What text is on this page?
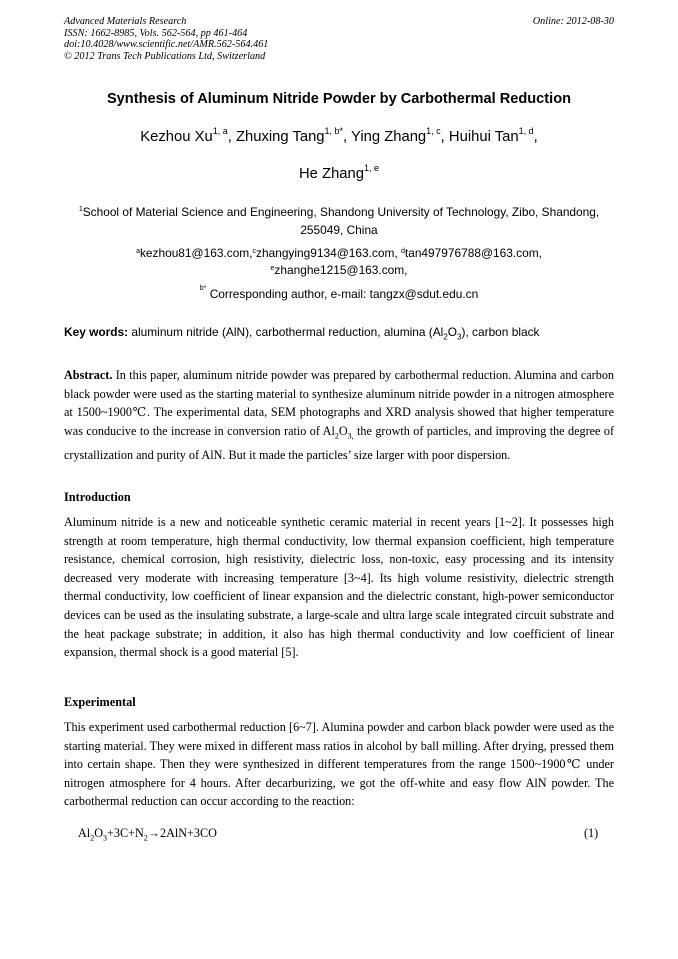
Advanced Materials Research
ISSN: 1662-8985, Vols. 562-564, pp 461-464
doi:10.4028/www.scientific.net/AMR.562-564.461
© 2012 Trans Tech Publications Ltd, Switzerland
Online: 2012-08-30
Synthesis of Aluminum Nitride Powder by Carbothermal Reduction
Kezhou Xu$^{1, a}$, Zhuxing Tang$^{1, b*}$, Ying Zhang$^{1, c}$, Huihui Tan$^{1, d}$,
He Zhang$^{1, e}$
$^1$School of Material Science and Engineering, Shandong University of Technology, Zibo, Shandong,
255049, China
$^a$kezhou81@163.com,$^c$zhangying9134@163.com, $^d$tan497976788@163.com,
$^e$zhanghe1215@163.com,
$^{b*}$ Corresponding author, e-mail: tangzx@sdut.edu.cn
Key words: aluminum nitride (AlN), carbothermal reduction, alumina $(Al_2O_3)$, carbon black
Abstract. In this paper, aluminum nitride powder was prepared by carbothermal reduction. Alumina and carbon black powder were used as the starting material to synthesize aluminum nitride powder in a nitrogen atmosphere at 1500~1900℃. The experimental data, SEM photographs and XRD analysis showed that higher temperature was conducive to the increase in conversion ratio of $Al_2O_{3,}$ the growth of particles, and improving the degree of crystallization and purity of AlN. But it made the particles’ size larger with poor dispersion.
Introduction
Aluminum nitride is a new and noticeable synthetic ceramic material in recent years [1~2]. It possesses high strength at room temperature, high thermal conductivity, low thermal expansion coefficient, high temperature resistance, chemical corrosion, high resistivity, dielectric loss, non-toxic, easy processing and its intensity decreased very moderate with increasing temperature [3~4]. Its high volume resistivity, dielectric strength thermal conductivity, low coefficient of linear expansion and the dielectric constant, high-power semiconductor devices can be used as the insulating substrate, a large-scale and ultra large scale integrated circuit substrate and the heat package substrate; in addition, it also has high thermal conductivity and low coefficient of linear expansion, thermal shock is a good material [5].
Experimental
This experiment used carbothermal reduction [6~7]. Alumina powder and carbon black powder were used as the starting material. They were mixed in different mass ratios in alcohol by ball milling. After drying, pressed them into certain shape. Then they were synthesized in different temperatures from the range 1500~1900℃ under nitrogen atmosphere for 4 hours. After decarburizing, we got the off-white and easy flow AlN powder. The carbothermal reduction can occur according to the reaction:
$Al_2O_3+3C+N_2\to 2AlN+3CO$	(1)
